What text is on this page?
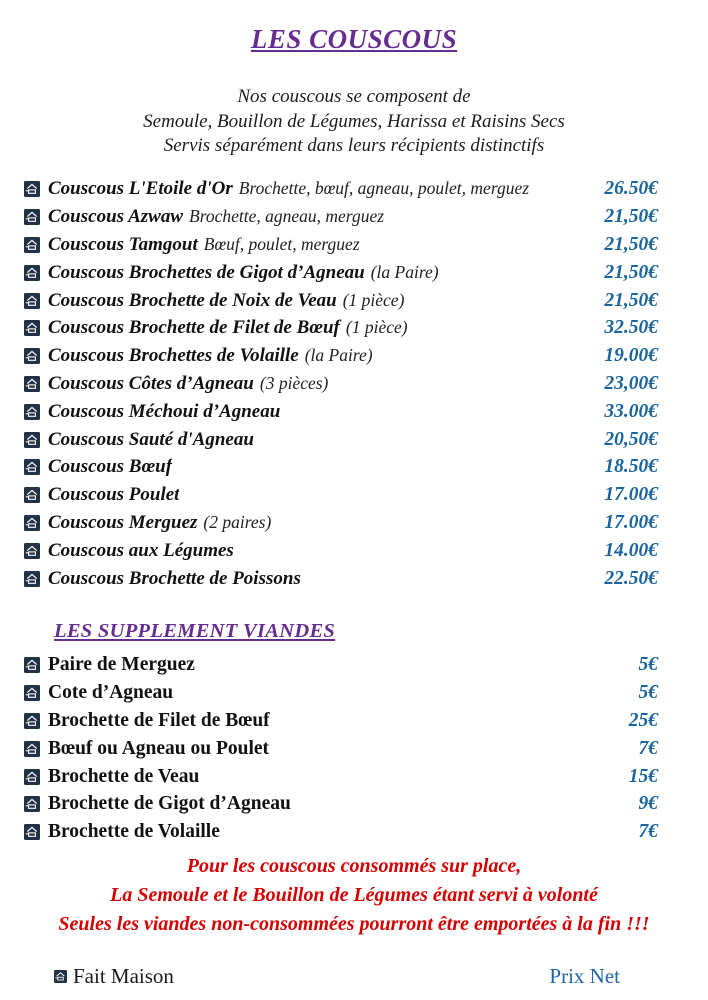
LES COUSCOUS
Nos couscous se composent de
Semoule, Bouillon de Légumes, Harissa et Raisins Secs
Servis séparément dans leurs récipients distinctifs
Couscous L'Etoile d'Or Brochette, bœuf, agneau, poulet, merguez	26.50€
Couscous Azwaw Brochette, agneau, merguez	21,50€
Couscous Tamgout Bœuf, poulet, merguez	21,50€
Couscous Brochettes de Gigot d’Agneau (la Paire)	21,50€
Couscous Brochette de Noix de Veau (1 pièce)	21,50€
Couscous Brochette de Filet de Bœuf (1 pièce)	32.50€
Couscous Brochettes de Volaille (la Paire)	19.00€
Couscous Côtes d’Agneau (3 pièces)	23,00€
Couscous Méchoui d’Agneau	33.00€
Couscous Sauté d'Agneau	20,50€
Couscous Bœuf	18.50€
Couscous Poulet	17.00€
Couscous Merguez (2 paires)	17.00€
Couscous aux Légumes	14.00€
Couscous Brochette de Poissons	22.50€
LES SUPPLEMENT VIANDES
Paire de Merguez	5€
Cote d’Agneau	5€
Brochette de Filet de Bœuf	25€
Bœuf ou Agneau ou Poulet	7€
Brochette de Veau	15€
Brochette de Gigot d’Agneau	9€
Brochette de Volaille	7€
Pour les couscous consommés sur place,
La Semoule et le Bouillon de Légumes étant servi à volonté
Seules les viandes non-consommées pourront être emportées à la fin !!!
Fait Maison	Prix Net
